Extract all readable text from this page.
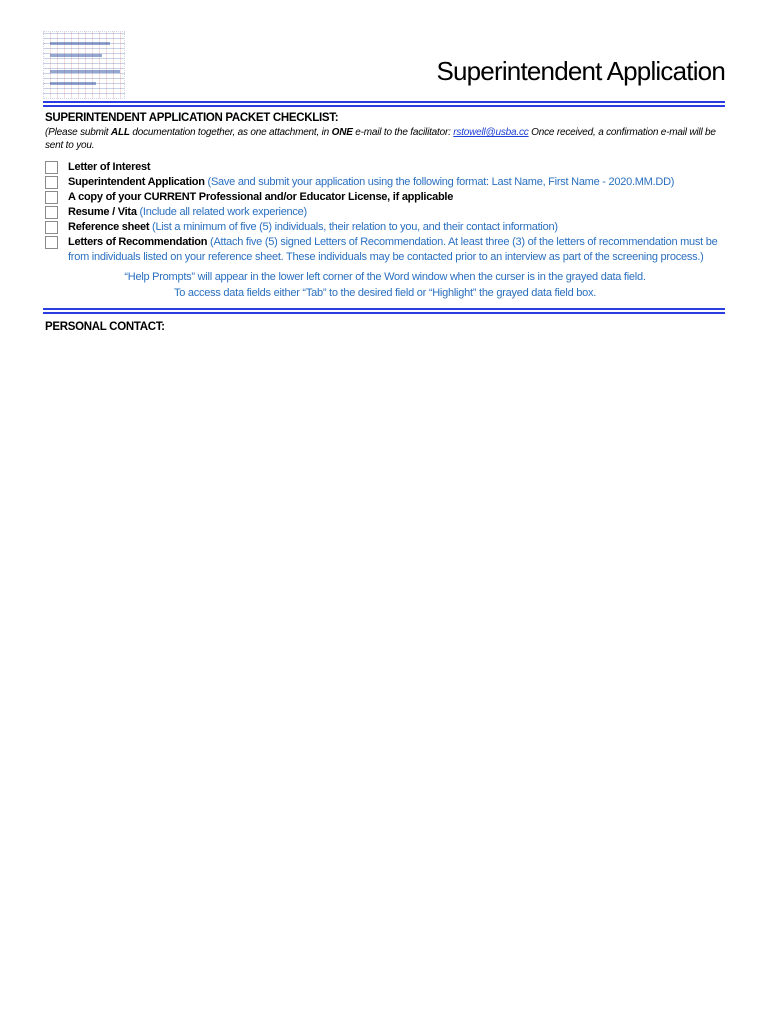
Superintendent Application
SUPERINTENDENT APPLICATION PACKET CHECKLIST:
(Please submit ALL documentation together, as one attachment, in ONE e-mail to the facilitator: rstowell@usba.cc Once received, a confirmation e-mail will be sent to you.
Letter of Interest
Superintendent Application (Save and submit your application using the following format: Last Name, First Name - 2020.MM.DD)
A copy of your CURRENT Professional and/or Educator License, if applicable
Resume / Vita (Include all related work experience)
Reference sheet (List a minimum of five (5) individuals, their relation to you, and their contact information)
Letters of Recommendation (Attach five (5) signed Letters of Recommendation. At least three (3) of the letters of recommendation must be
from individuals listed on your reference sheet. These individuals may be contacted prior to an interview as part of the screening process.)
“Help Prompts” will appear in the lower left corner of the Word window when the curser is in the grayed data field.
To access data fields either “Tab” to the desired field or “Highlight” the grayed data field box.
PERSONAL CONTACT:
